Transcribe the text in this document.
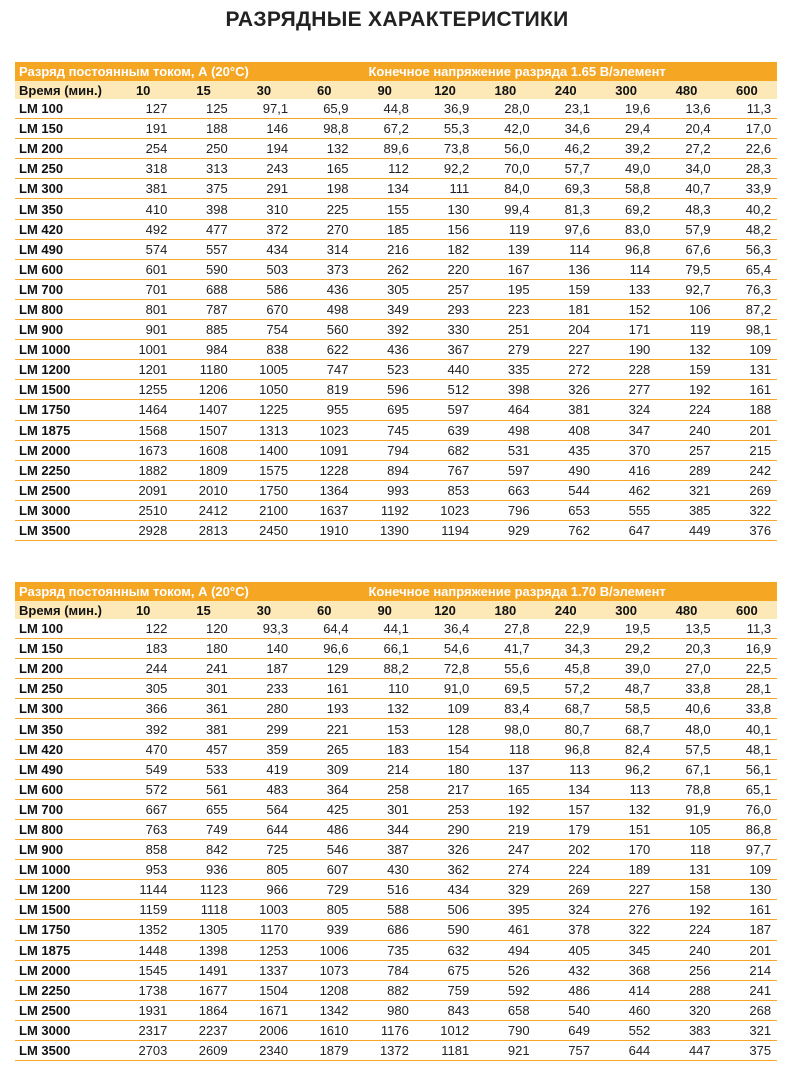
РАЗРЯДНЫЕ ХАРАКТЕРИСТИКИ
Разряд постоянным током, А (20°С)					Конечное напряжение разряда 1.65 В/элемент						
Время (мин.)	10	15	30	60	90	120	180	240	300	480	600
LM 100	127	125	97,1	65,9	44,8	36,9	28,0	23,1	19,6	13,6	11,3
LM 150	191	188	146	98,8	67,2	55,3	42,0	34,6	29,4	20,4	17,0
LM 200	254	250	194	132	89,6	73,8	56,0	46,2	39,2	27,2	22,6
LM 250	318	313	243	165	112	92,2	70,0	57,7	49,0	34,0	28,3
LM 300	381	375	291	198	134	111	84,0	69,3	58,8	40,7	33,9
LM 350	410	398	310	225	155	130	99,4	81,3	69,2	48,3	40,2
LM 420	492	477	372	270	185	156	119	97,6	83,0	57,9	48,2
LM 490	574	557	434	314	216	182	139	114	96,8	67,6	56,3
LM 600	601	590	503	373	262	220	167	136	114	79,5	65,4
LM 700	701	688	586	436	305	257	195	159	133	92,7	76,3
LM 800	801	787	670	498	349	293	223	181	152	106	87,2
LM 900	901	885	754	560	392	330	251	204	171	119	98,1
LM 1000	1001	984	838	622	436	367	279	227	190	132	109
LM 1200	1201	1180	1005	747	523	440	335	272	228	159	131
LM 1500	1255	1206	1050	819	596	512	398	326	277	192	161
LM 1750	1464	1407	1225	955	695	597	464	381	324	224	188
LM 1875	1568	1507	1313	1023	745	639	498	408	347	240	201
LM 2000	1673	1608	1400	1091	794	682	531	435	370	257	215
LM 2250	1882	1809	1575	1228	894	767	597	490	416	289	242
LM 2500	2091	2010	1750	1364	993	853	663	544	462	321	269
LM 3000	2510	2412	2100	1637	1192	1023	796	653	555	385	322
LM 3500	2928	2813	2450	1910	1390	1194	929	762	647	449	376
Разряд постоянным током, А (20°С)					Конечное напряжение разряда 1.70 В/элемент						
Время (мин.)	10	15	30	60	90	120	180	240	300	480	600
LM 100	122	120	93,3	64,4	44,1	36,4	27,8	22,9	19,5	13,5	11,3
LM 150	183	180	140	96,6	66,1	54,6	41,7	34,3	29,2	20,3	16,9
LM 200	244	241	187	129	88,2	72,8	55,6	45,8	39,0	27,0	22,5
LM 250	305	301	233	161	110	91,0	69,5	57,2	48,7	33,8	28,1
LM 300	366	361	280	193	132	109	83,4	68,7	58,5	40,6	33,8
LM 350	392	381	299	221	153	128	98,0	80,7	68,7	48,0	40,1
LM 420	470	457	359	265	183	154	118	96,8	82,4	57,5	48,1
LM 490	549	533	419	309	214	180	137	113	96,2	67,1	56,1
LM 600	572	561	483	364	258	217	165	134	113	78,8	65,1
LM 700	667	655	564	425	301	253	192	157	132	91,9	76,0
LM 800	763	749	644	486	344	290	219	179	151	105	86,8
LM 900	858	842	725	546	387	326	247	202	170	118	97,7
LM 1000	953	936	805	607	430	362	274	224	189	131	109
LM 1200	1144	1123	966	729	516	434	329	269	227	158	130
LM 1500	1159	1118	1003	805	588	506	395	324	276	192	161
LM 1750	1352	1305	1170	939	686	590	461	378	322	224	187
LM 1875	1448	1398	1253	1006	735	632	494	405	345	240	201
LM 2000	1545	1491	1337	1073	784	675	526	432	368	256	214
LM 2250	1738	1677	1504	1208	882	759	592	486	414	288	241
LM 2500	1931	1864	1671	1342	980	843	658	540	460	320	268
LM 3000	2317	2237	2006	1610	1176	1012	790	649	552	383	321
LM 3500	2703	2609	2340	1879	1372	1181	921	757	644	447	375
